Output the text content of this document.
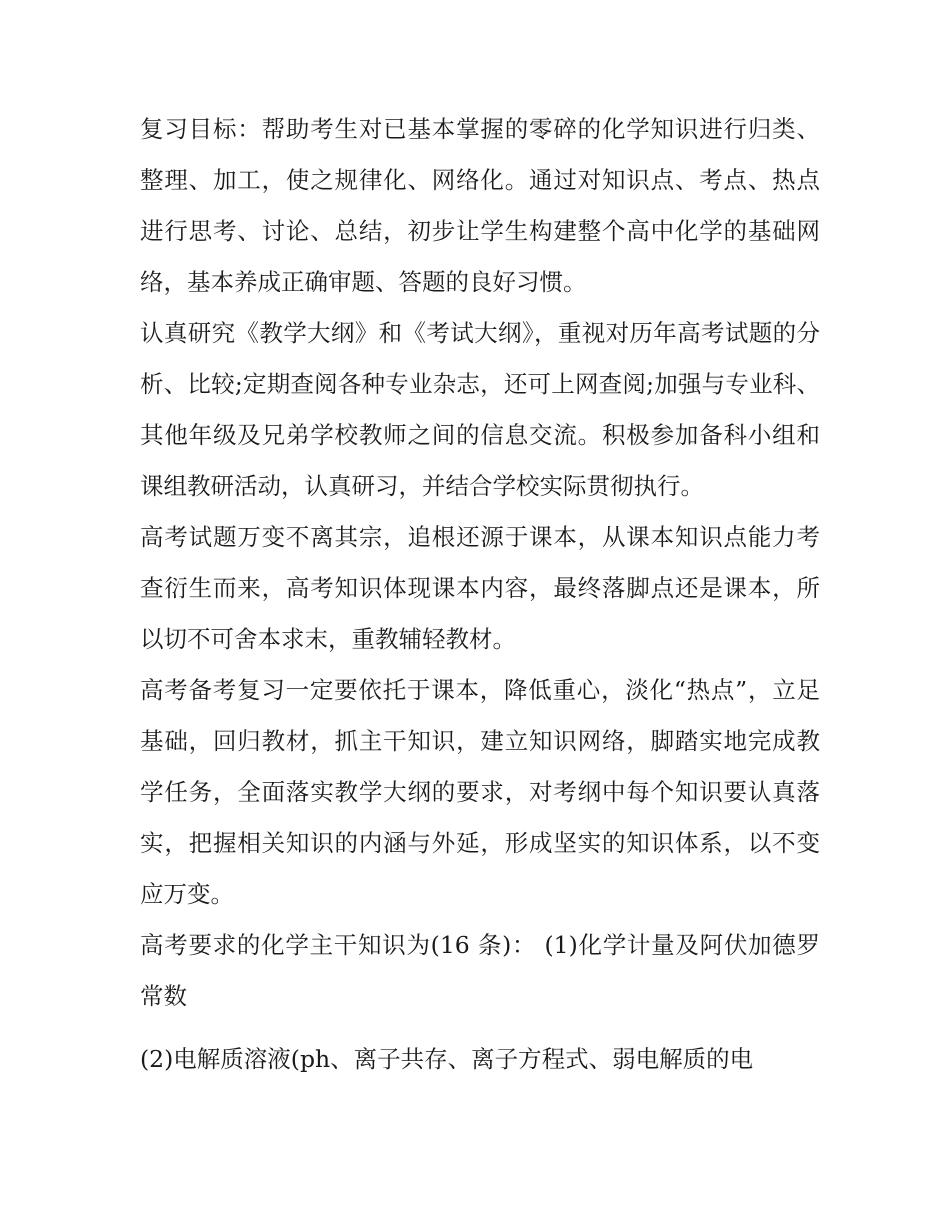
复习目标：帮助考生对已基本掌握的零碎的化学知识进行归类、整理、加工，使之规律化、网络化。通过对知识点、考点、热点进行思考、讨论、总结，初步让学生构建整个高中化学的基础网络，基本养成正确审题、答题的良好习惯。

认真研究《教学大纲》和《考试大纲》，重视对历年高考试题的分析、比较;定期查阅各种专业杂志，还可上网查阅;加强与专业科、其他年级及兄弟学校教师之间的信息交流。积极参加备科小组和课组教研活动，认真研习，并结合学校实际贯彻执行。

高考试题万变不离其宗，追根还源于课本，从课本知识点能力考查衍生而来，高考知识体现课本内容，最终落脚点还是课本，所以切不可舍本求末，重教辅轻教材。

高考备考复习一定要依托于课本，降低重心，淡化“热点”，立足基础，回归教材，抓主干知识，建立知识网络，脚踏实地完成教学任务，全面落实教学大纲的要求，对考纲中每个知识要认真落实，把握相关知识的内涵与外延，形成坚实的知识体系，以不变应万变。

高考要求的化学主干知识为(16 条)： (1)化学计量及阿伏加德罗常数

(2)电解质溶液(ph、离子共存、离子方程式、弱电解质的电
